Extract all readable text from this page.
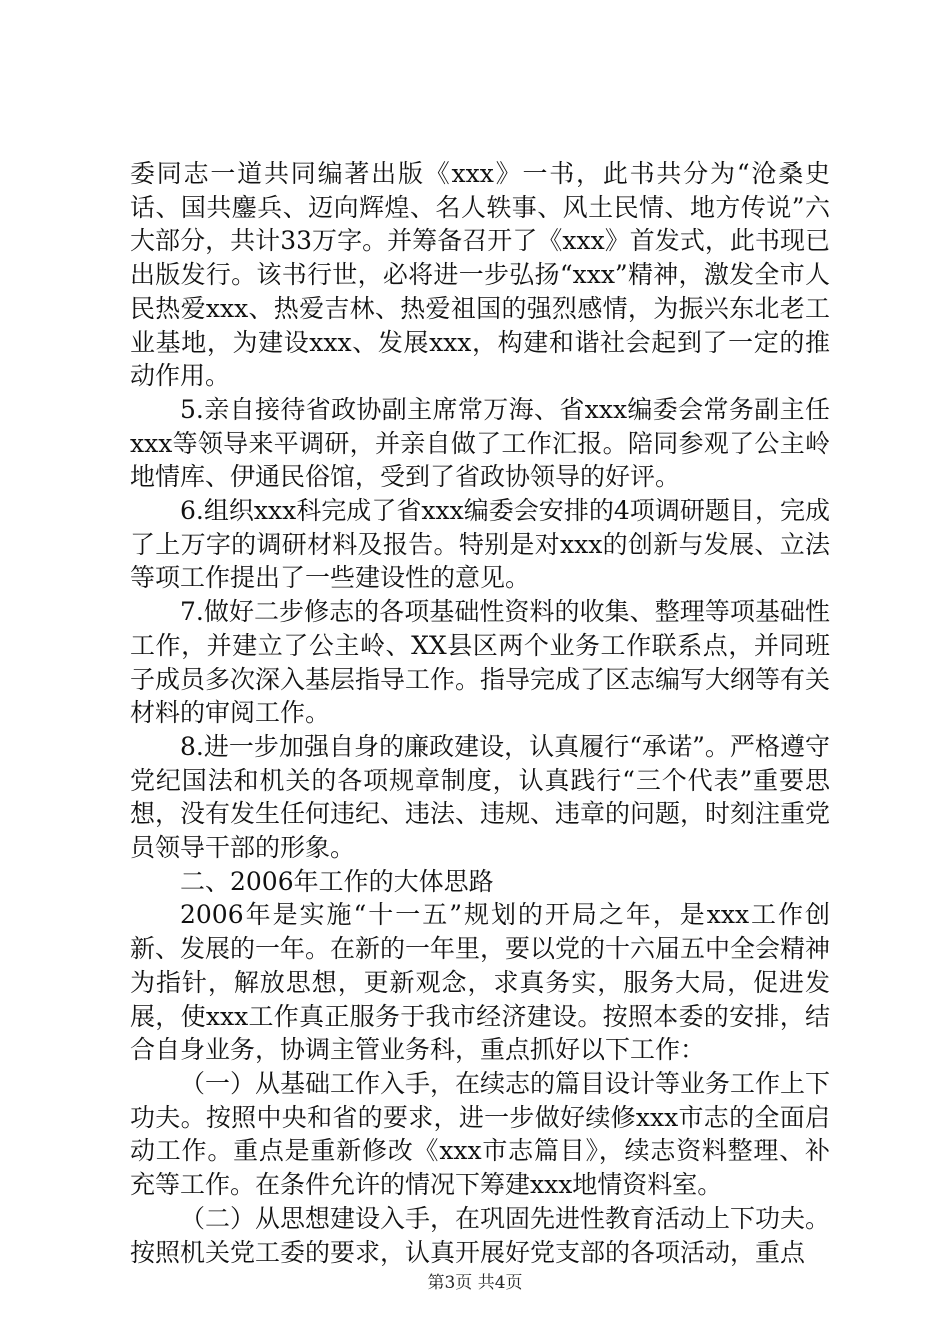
委同志一道共同编著出版《xxx》一书，此书共分为“沧桑史话、国共鏖兵、迈向辉煌、名人轶事、风土民情、地方传说”六大部分，共计33万字。并筹备召开了《xxx》首发式，此书现已出版发行。该书行世，必将进一步弘扬“xxx”精神，激发全市人民热爱xxx、热爱吉林、热爱祖国的强烈感情，为振兴东北老工业基地，为建设xxx、发展xxx，构建和谐社会起到了一定的推动作用。

5.亲自接待省政协副主席常万海、省xxx编委会常务副主任xxx等领导来平调研，并亲自做了工作汇报。陪同参观了公主岭地情库、伊通民俗馆，受到了省政协领导的好评。

6.组织xxx科完成了省xxx编委会安排的4项调研题目，完成了上万字的调研材料及报告。特别是对xxx的创新与发展、立法等项工作提出了一些建设性的意见。

7.做好二步修志的各项基础性资料的收集、整理等项基础性工作，并建立了公主岭、XX县区两个业务工作联系点，并同班子成员多次深入基层指导工作。指导完成了区志编写大纲等有关材料的审阅工作。

8.进一步加强自身的廉政建设，认真履行“承诺”。严格遵守党纪国法和机关的各项规章制度，认真践行“三个代表”重要思想，没有发生任何违纪、违法、违规、违章的问题，时刻注重党员领导干部的形象。

二、2006年工作的大体思路

2006年是实施“十一五”规划的开局之年，是xxx工作创新、发展的一年。在新的一年里，要以党的十六届五中全会精神为指针，解放思想，更新观念，求真务实，服务大局，促进发展，使xxx工作真正服务于我市经济建设。按照本委的安排，结合自身业务，协调主管业务科，重点抓好以下工作：

（一）从基础工作入手，在续志的篇目设计等业务工作上下功夫。按照中央和省的要求，进一步做好续修xxx市志的全面启动工作。重点是重新修改《xxx市志篇目》，续志资料整理、补充等工作。在条件允许的情况下筹建xxx地情资料室。

（二）从思想建设入手，在巩固先进性教育活动上下功夫。按照机关党工委的要求，认真开展好党支部的各项活动，重点

第3页 共4页
